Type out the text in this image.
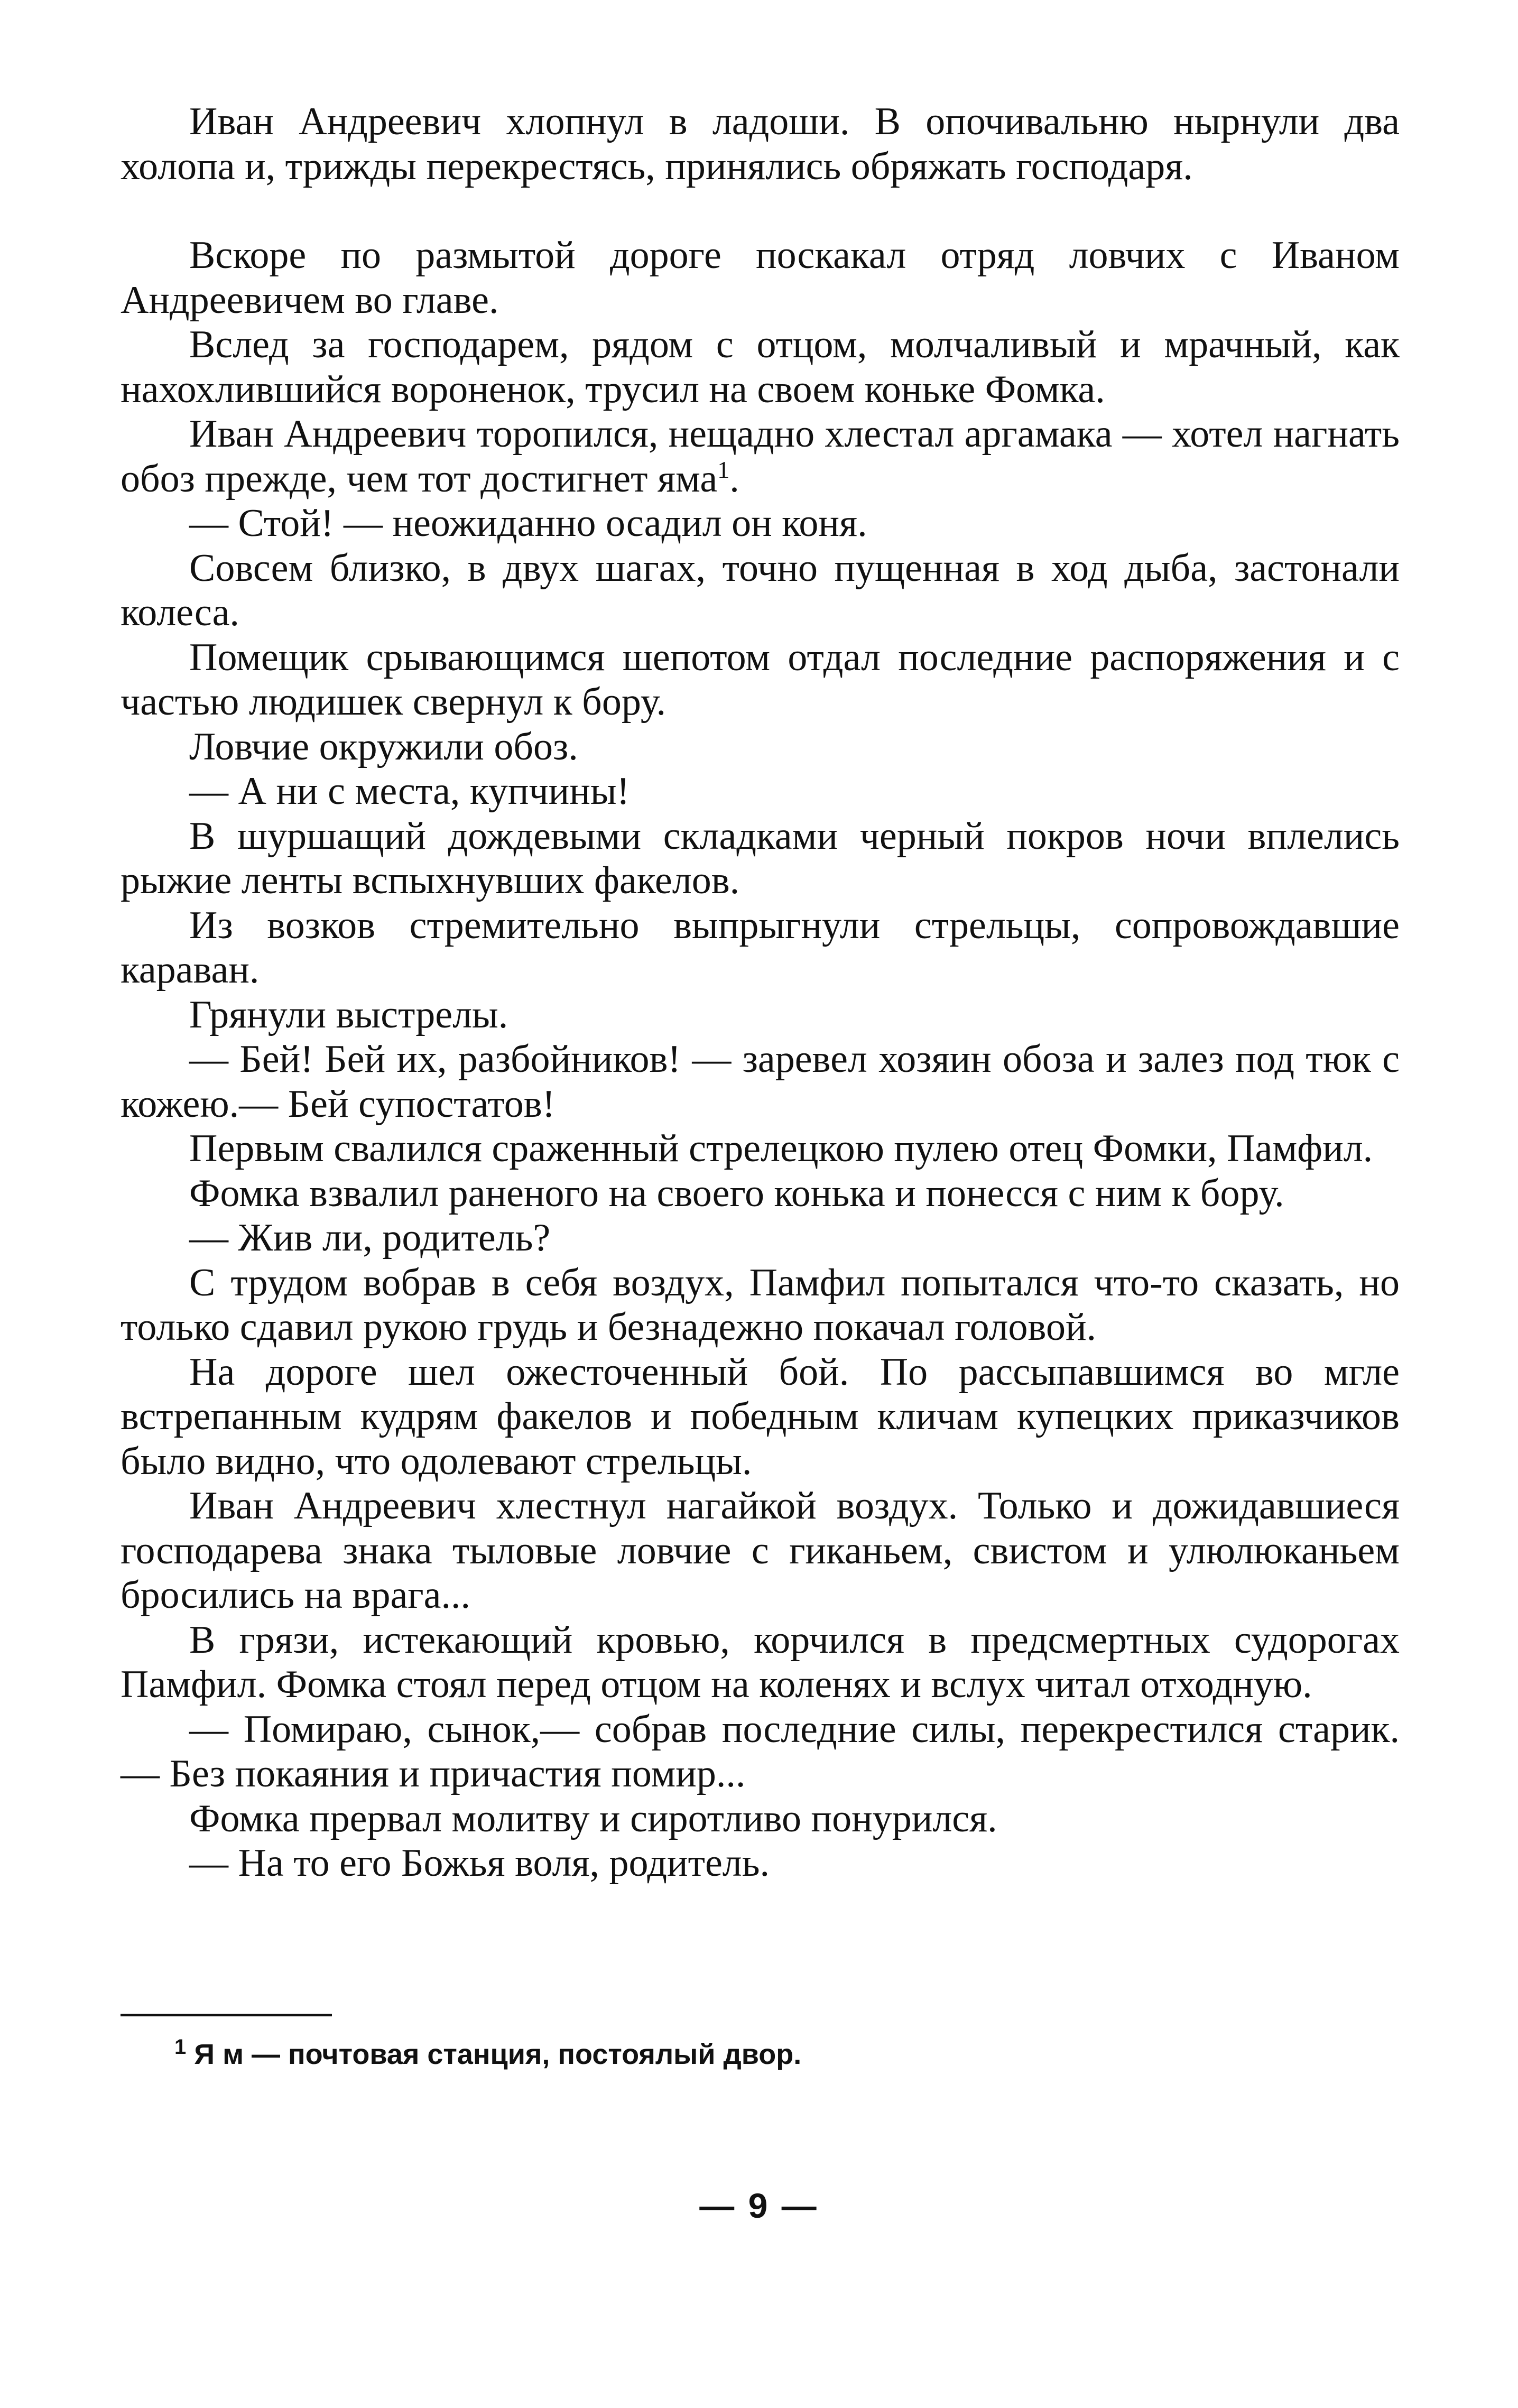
Иван Андреевич хлопнул в ладоши. В опочивальню нырнули два холопа и, трижды перекрестясь, принялись обряжать господаря.

Вскоре по размытой дороге поскакал отряд ловчих с Иваном Андреевичем во главе.

Вслед за господарем, рядом с отцом, молчаливый и мрачный, как нахохлившийся вороненок, трусил на своем коньке Фомка.

Иван Андреевич торопился, нещадно хлестал аргамака — хотел нагнать обоз прежде, чем тот достигнет яма$^1$.

— Стой! — неожиданно осадил он коня.

Совсем близко, в двух шагах, точно пущенная в ход дыба, застонали колеса.

Помещик срывающимся шепотом отдал последние распоряжения и с частью людишек свернул к бору.

Ловчие окружили обоз.

— А ни с места, купчины!

В шуршащий дождевыми складками черный покров ночи вплелись рыжие ленты вспыхнувших факелов.

Из возков стремительно выпрыгнули стрельцы, сопровождавшие караван.

Грянули выстрелы.

— Бей! Бей их, разбойников! — заревел хозяин обоза и залез под тюк с кожею.— Бей супостатов!

Первым свалился сраженный стрелецкою пулею отец Фомки, Памфил.

Фомка взвалил раненого на своего конька и понесся с ним к бору.

— Жив ли, родитель?

С трудом вобрав в себя воздух, Памфил попытался что-то сказать, но только сдавил рукою грудь и безнадежно покачал головой.

На дороге шел ожесточенный бой. По рассыпавшимся во мгле встрепанным кудрям факелов и победным кличам купецких приказчиков было видно, что одолевают стрельцы.

Иван Андреевич хлестнул нагайкой воздух. Только и дожидавшиеся господарева знака тыловые ловчие с гиканьем, свистом и улюлюканьем бросились на врага...

В грязи, истекающий кровью, корчился в предсмертных судорогах Памфил. Фомка стоял перед отцом на коленях и вслух читал отходную.

— Помираю, сынок,— собрав последние силы, перекрестился старик.— Без покаяния и причастия помир...

Фомка прервал молитву и сиротливо понурился.

— На то его Божья воля, родитель.

$^1$ Я м — почтовая станция, постоялый двор.
— 9 —
